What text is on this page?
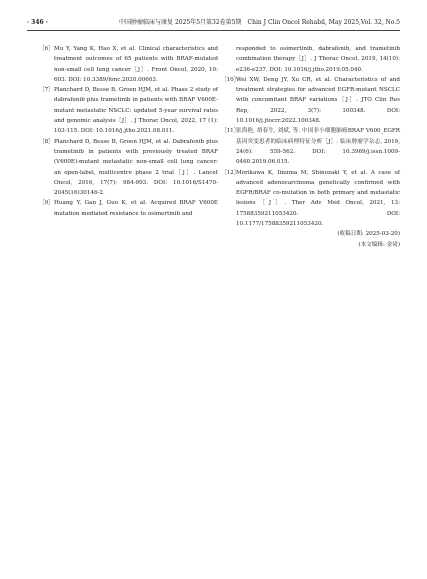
· 346 ·	中国肿瘤临床与康复 2025年5月第32卷第5期　Chin J Clin Oncol Rehabil, May 2025,Vol. 32, No.5
［6］ Mu Y, Yang K, Hao X, et al. Clinical characteristics and treatment outcomes of 65 patients with BRAF-mutated non-small cell lung cancer［J］. Front Oncol, 2020, 10: 603. DOI: 10.3389/fonc.2020.00603.
［7］ Planchard D, Besse B, Groen HJM, et al. Phase 2 study of dabrafenib plus trametinib in patients with BRAF V600E-mutant metastatic NSCLC: updated 5-year survival rates and genomic analysis［J］. J Thorac Oncol, 2022, 17 (1): 103-115. DOI: 10.1016/j.jtho.2021.08.011.
［8］ Planchard D, Besse B, Groen HJM, et al. Dabrafenib plus trametinib in patients with previously treated BRAF (V600E)-mutant metastatic non-small cell lung cancer: an open-label, multicentre phase 2 trial［J］. Lancet Oncol, 2016, 17(7): 984-993. DOI: 10.1016/S1470-2045(16)30146-2.
［9］ Huang Y, Gan J, Guo K, et al. Acquired BRAF V600E mutation mediated resistance to osimertinib and
responded to osimertinib, dabrafenib, and trametinib combination therapy［J］. J Thorac Oncol, 2019, 14(10): e236-e237. DOI: 10.1016/j.jtho.2019.05.040.
［10］
Wei XW, Deng JY, Xu CR, et al. Characteristics of and treatment strategies for advanced EGFR-mutant NSCLC with concomitant BRAF variations［J］. JTO Clin Res Rep, 2022, 3(7): 100348. DOI: 10.1016/j.jtocrr.2022.100348.
［11］
张海艳, 胡春生, 刘斌, 等. 中国非小细胞肺癌BRAF V600_EGFR基因突变患者的临床病理特征分析［J］. 临床肿瘤学杂志, 2019, 24(6): 559-562. DOI: 10.3969/j.issn.1009-0460.2019.06.015.
［12］
Morikawa K, Iinuma M, Shinozaki Y, et al. A case of advanced adenocarcinoma genetically confirmed with EGFR/BRAF co-mutation in both primary and metastatic lesions［J］. Ther Adv Med Oncol, 2021, 13: 17588359211053420. DOI: 10.1177/17588359211053420.
(收稿日期: 2025-03-20)
(本文编辑: 金琦)
